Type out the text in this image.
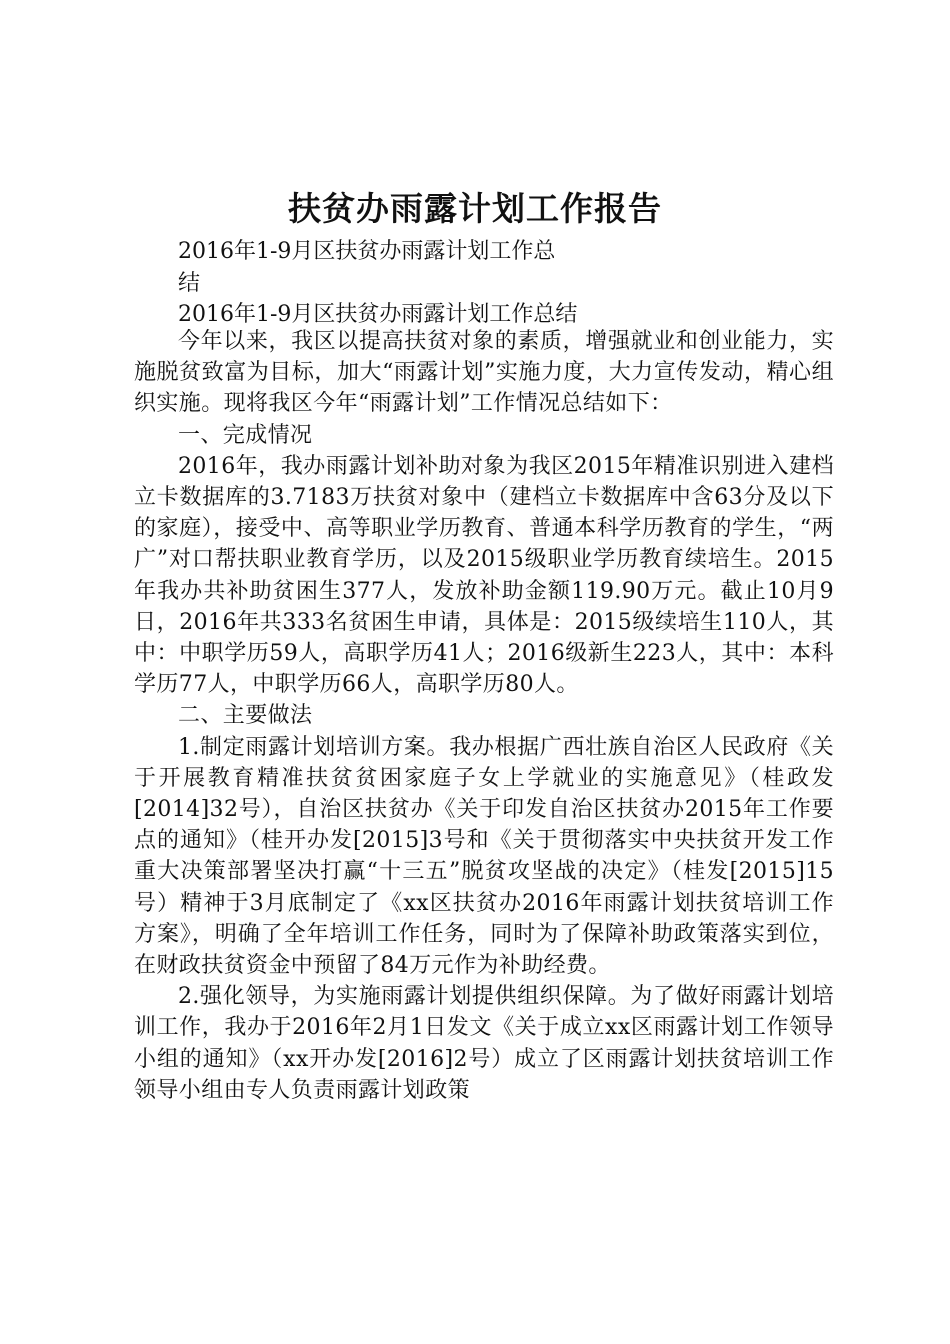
扶贫办雨露计划工作报告
2016年1-9月区扶贫办雨露计划工作总
结
2016年1-9月区扶贫办雨露计划工作总结

今年以来，我区以提高扶贫对象的素质，增强就业和创业能力，实施脱贫致富为目标，加大“雨露计划”实施力度，大力宣传发动，精心组织实施。现将我区今年“雨露计划”工作情况总结如下：

一、完成情况

2016年，我办雨露计划补助对象为我区2015年精准识别进入建档立卡数据库的3.7183万扶贫对象中（建档立卡数据库中含63分及以下的家庭），接受中、高等职业学历教育、普通本科学历教育的学生，“两广”对口帮扶职业教育学历，以及2015级职业学历教育续培生。2015年我办共补助贫困生377人，发放补助金额119.90万元。截止10月9日，2016年共333名贫困生申请，具体是：2015级续培生110人，其中：中职学历59人，高职学历41人；2016级新生223人，其中：本科学历77人，中职学历66人，高职学历80人。

二、主要做法

1.制定雨露计划培训方案。我办根据广西壮族自治区人民政府《关于开展教育精准扶贫贫困家庭子女上学就业的实施意见》（桂政发[2014]32号），自治区扶贫办《关于印发自治区扶贫办2015年工作要点的通知》（桂开办发[2015]3号和《关于贯彻落实中央扶贫开发工作重大决策部署坚决打赢“十三五”脱贫攻坚战的决定》（桂发[2015]15号）精神于3月底制定了《xx区扶贫办2016年雨露计划扶贫培训工作方案》，明确了全年培训工作任务，同时为了保障补助政策落实到位，在财政扶贫资金中预留了84万元作为补助经费。

2.强化领导，为实施雨露计划提供组织保障。为了做好雨露计划培训工作，我办于2016年2月1日发文《关于成立xx区雨露计划工作领导小组的通知》（xx开办发[2016]2号）成立了区雨露计划扶贫培训工作领导小组由专人负责雨露计划政策
